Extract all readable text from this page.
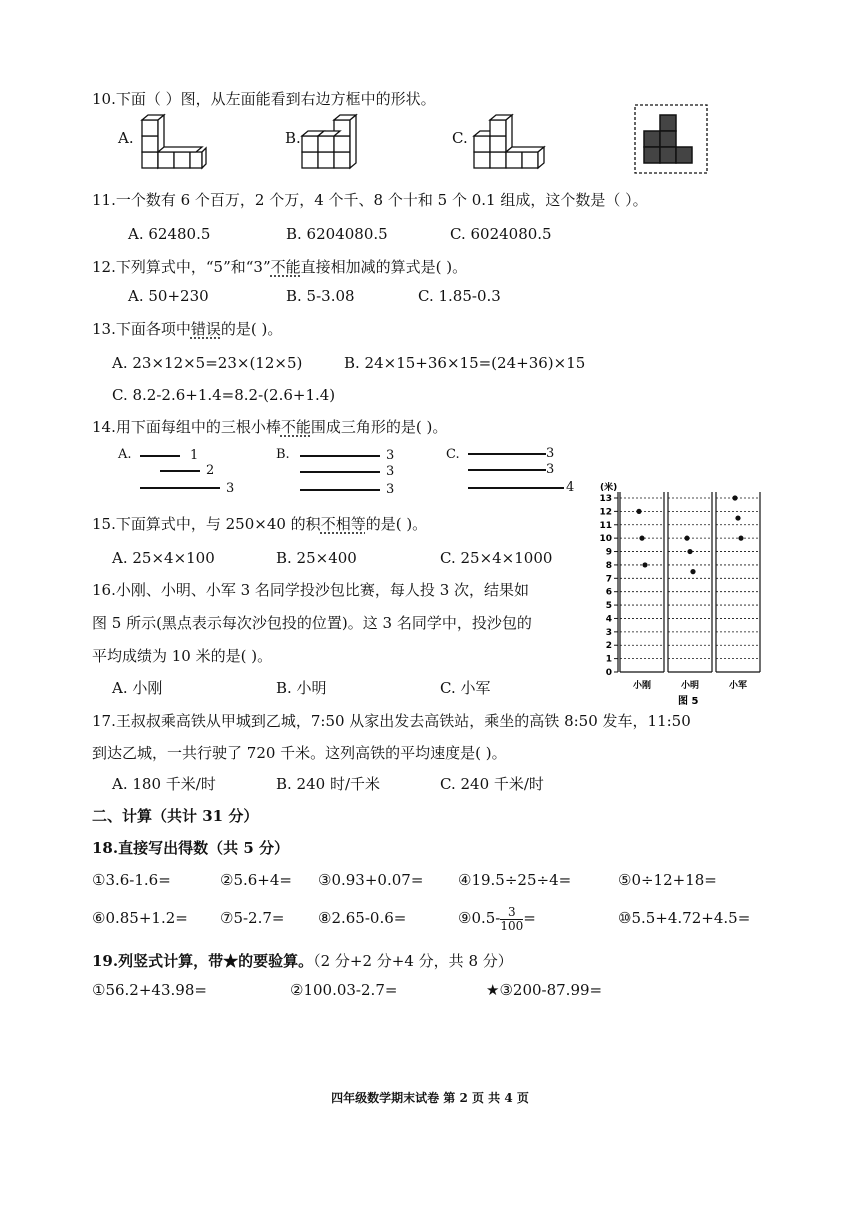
10.下面（ ）图，从左面能看到右边方框中的形状。
A.	B.	C.
11.一个数有 6 个百万，2 个万，4 个千、8 个十和 5 个 0.1 组成，这个数是（ ）。
A. 62480.5	B. 6204080.5	C. 6024080.5
12.下列算式中，“5”和“3”不能直接相加减的算式是( )。
A. 50+230	B. 5-3.08	C. 1.85-0.3
13.下面各项中错误的是( )。
A. 23×12×5=23×(12×5)	B. 24×15+36×15=(24+36)×15
C. 8.2-2.6+1.4=8.2-(2.6+1.4)
14.用下面每组中的三根小棒不能围成三角形的是( )。
A.	B.	C.
1
2
3
3
3
3
3
3
4
15.下面算式中，与 250×40 的积不相等的是( )。
A. 25×4×100	B. 25×400	C. 25×4×1000
16.小刚、小明、小军 3 名同学投沙包比赛，每人投 3 次，结果如
图 5 所示(黑点表示每次沙包投的位置)。这 3 名同学中，投沙包的
平均成绩为 10 米的是( )。
A. 小刚	B. 小明	C. 小军
(米)
0
1
2
3
4
5
6
7
8
9
10
11
12
13
小刚	小明	小军
图 5
17.王叔叔乘高铁从甲城到乙城，7:50 从家出发去高铁站，乘坐的高铁 8:50 发车，11:50
到达乙城，一共行驶了 720 千米。这列高铁的平均速度是( )。
A. 180 千米/时	B. 240 时/千米	C. 240 千米/时
二、计算（共计 31 分）
18.直接写出得数（共 5 分）
①3.6-1.6=	②5.6+4= ③0.93+0.07= ④19.5÷25÷4=	⑤0÷12+18=
⑥0.85+1.2= ⑦5-2.7= ⑧2.65-0.6=	⑨0.5- $\frac{3}{100}$ =	⑩5.5+4.72+4.5=
19.列竖式计算，带★的要验算。（2 分+2 分+4 分，共 8 分）
①56.2+43.98=	②100.03-2.7=	★③200-87.99=
四年级数学期末试卷 第 2 页 共 4 页
